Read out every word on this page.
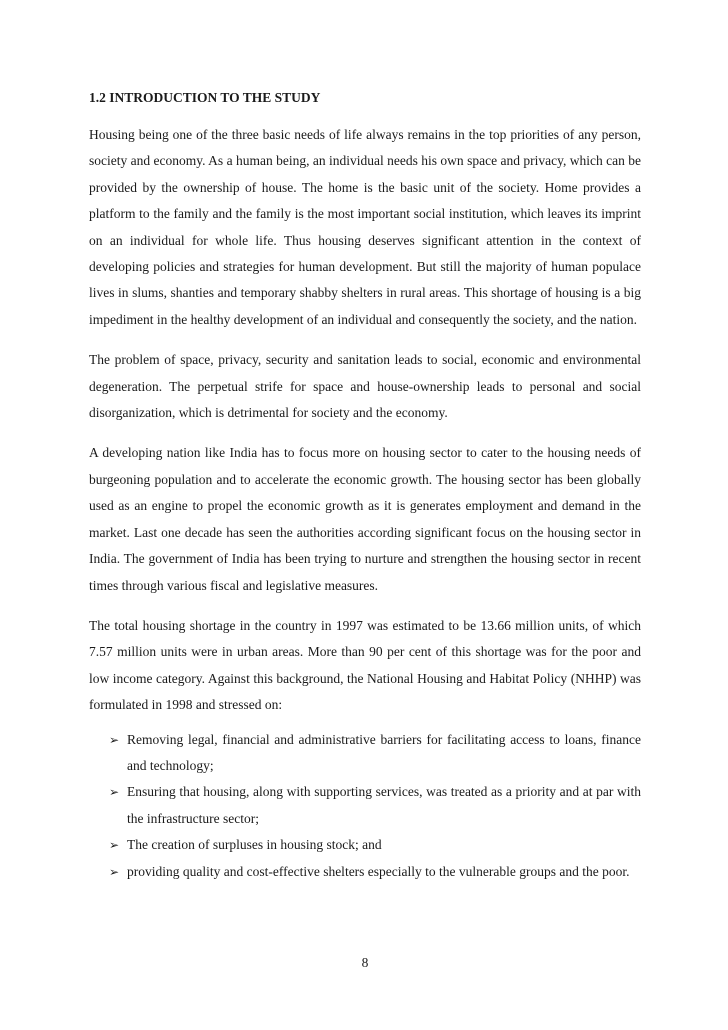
1.2 INTRODUCTION TO THE STUDY

Housing being one of the three basic needs of life always remains in the top priorities of any person, society and economy. As a human being, an individual needs his own space and privacy, which can be provided by the ownership of house. The home is the basic unit of the society. Home provides a platform to the family and the family is the most important social institution, which leaves its imprint on an individual for whole life. Thus housing deserves significant attention in the context of developing policies and strategies for human development. But still the majority of human populace lives in slums, shanties and temporary shabby shelters in rural areas. This shortage of housing is a big impediment in the healthy development of an individual and consequently the society, and the nation.

The problem of space, privacy, security and sanitation leads to social, economic and environmental degeneration. The perpetual strife for space and house-ownership leads to personal and social disorganization, which is detrimental for society and the economy.

A developing nation like India has to focus more on housing sector to cater to the housing needs of burgeoning population and to accelerate the economic growth. The housing sector has been globally used as an engine to propel the economic growth as it is generates employment and demand in the market. Last one decade has seen the authorities according significant focus on the housing sector in India. The government of India has been trying to nurture and strengthen the housing sector in recent times through various fiscal and legislative measures.

The total housing shortage in the country in 1997 was estimated to be 13.66 million units, of which 7.57 million units were in urban areas. More than 90 per cent of this shortage was for the poor and low income category. Against this background, the National Housing and Habitat Policy (NHHP) was formulated in 1998 and stressed on:

➢ Removing legal, financial and administrative barriers for facilitating access to loans, finance and technology;
➢ Ensuring that housing, along with supporting services, was treated as a priority and at par with the infrastructure sector;
➢ The creation of surpluses in housing stock; and
➢ providing quality and cost-effective shelters especially to the vulnerable groups and the poor.
8
